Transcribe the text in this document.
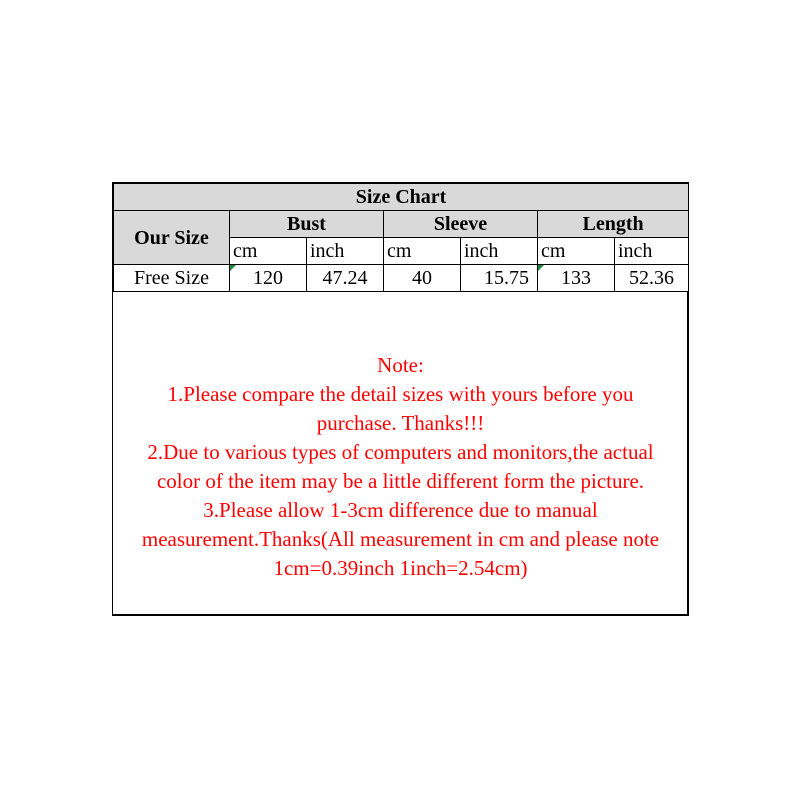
Size Chart						
Our Size	Bust		Sleeve		Length	
	cm	inch	cm	inch	cm	inch
Free Size	120	47.24	40	15.75	133	52.36
Note:
1.Please compare the detail sizes with yours before you
purchase. Thanks!!!
2.Due to various types of computers and monitors,the actual
color of the item may be a little different form the picture.
3.Please allow 1-3cm difference due to manual
measurement.Thanks(All measurement in cm and please note
1cm=0.39inch 1inch=2.54cm)
